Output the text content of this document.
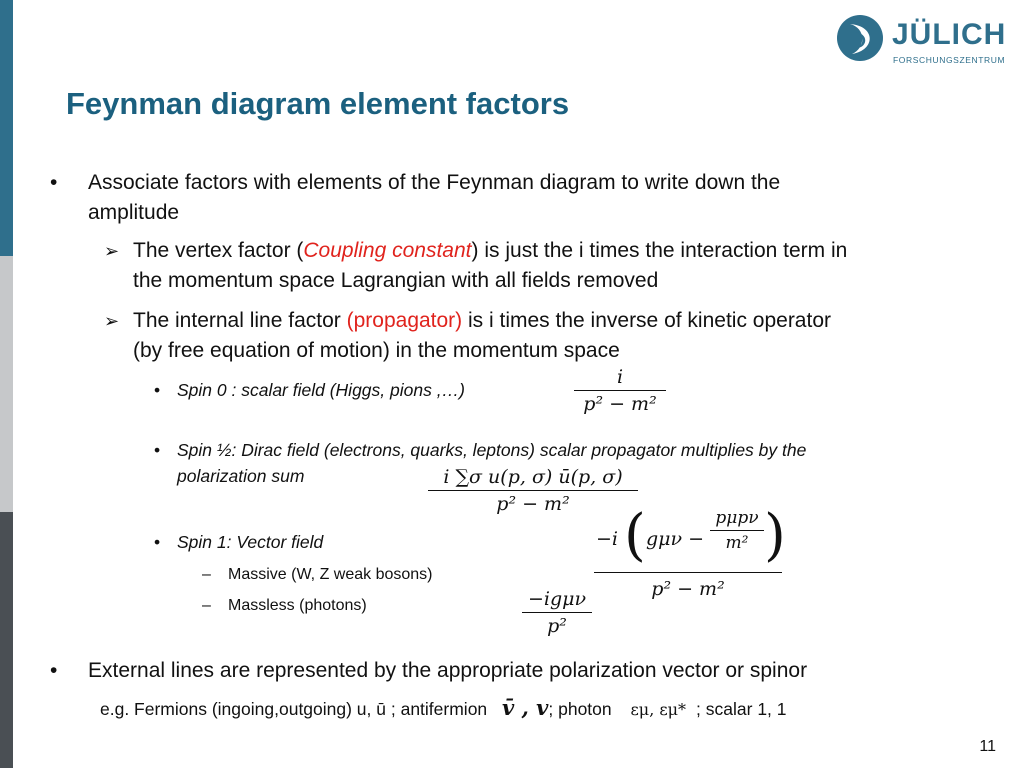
JÜLICH
FORSCHUNGSZENTRUM
Feynman diagram element factors
• Associate factors with elements of the Feynman diagram to write down the
amplitude
➢ The vertex factor (Coupling constant) is just the i times the interaction term in
the momentum space Lagrangian with all fields removed
➢ The internal line factor (propagator) is i times the inverse of kinetic operator
(by free equation of motion) in the momentum space
• Spin 0 : scalar field (Higgs, pions ,…)
i
p² − m²
• Spin ½: Dirac field (electrons, quarks, leptons) scalar propagator multiplies by the
polarization sum	i ∑σ u(p, σ) ū(p, σ)
p² − m²
• Spin 1: Vector field
– Massive (W, Z weak bosons)
– Massless (photons)
−i ( gμν −
pμpν
m² )
p² − m²
−igμν
p²
• External lines are represented by the appropriate polarization vector or spinor
e.g. Fermions (ingoing,outgoing) u, ū ; antifermion v̄ , v; photon εμ, εμ* ; scalar 1, 1
11
